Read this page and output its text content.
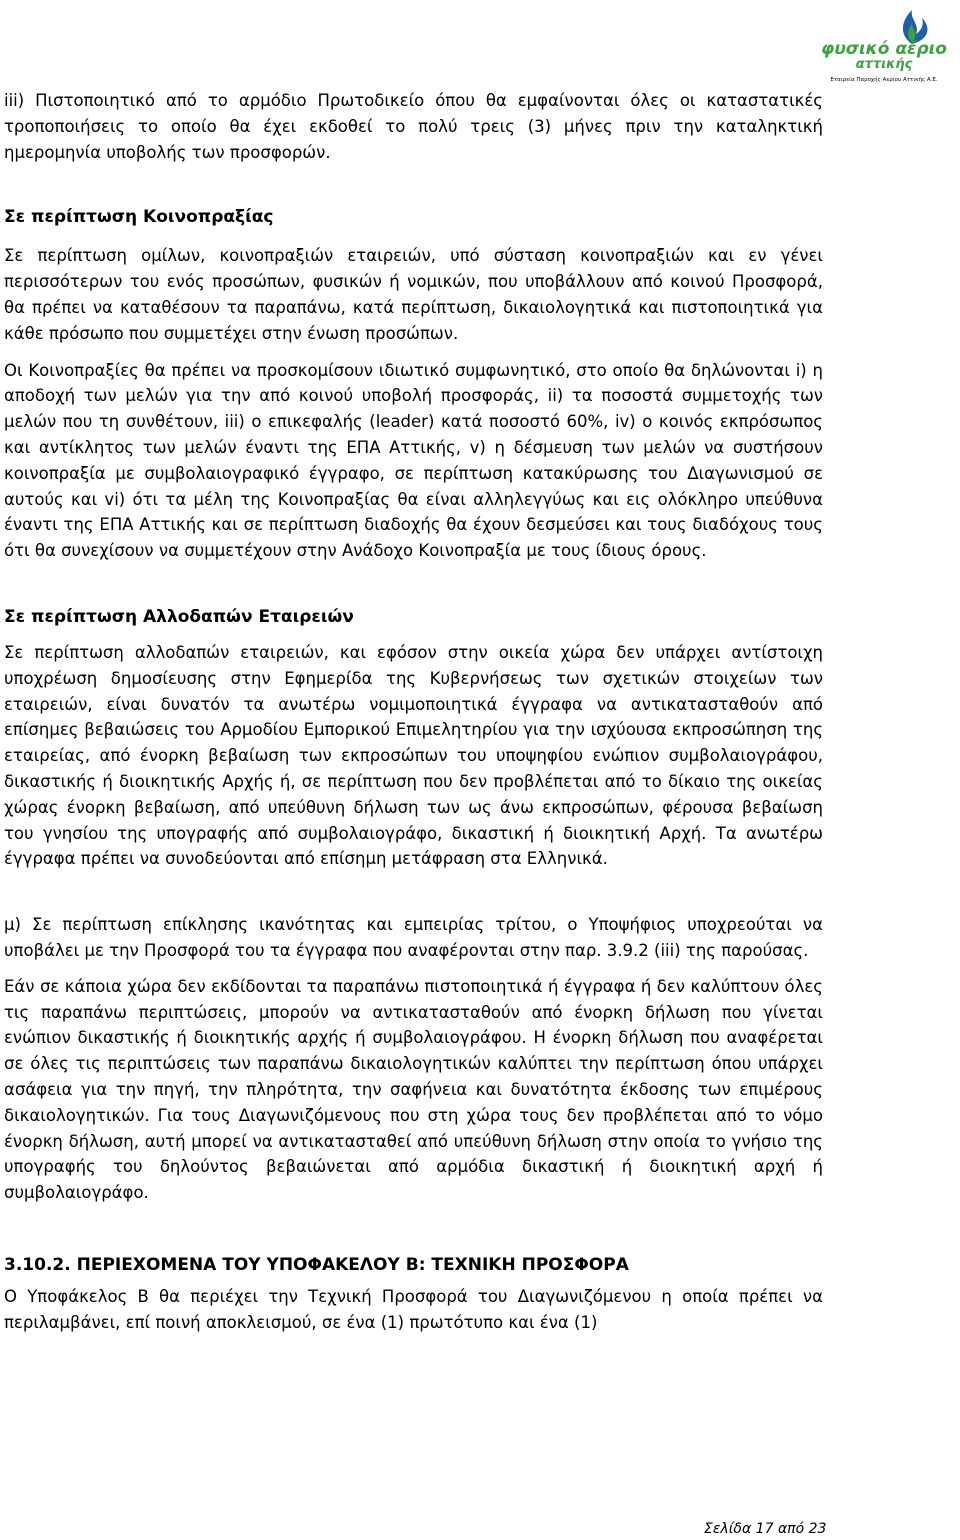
φυσικό αέριο
αττικής
Εταιρεία Παροχής Αερίου Αττικής Α.Ε.

iii) Πιστοποιητικό από το αρμόδιο Πρωτοδικείο όπου θα εμφαίνονται όλες οι καταστατικές τροποποιήσεις το οποίο θα έχει εκδοθεί το πολύ τρεις (3) μήνες πριν την καταληκτική ημερομηνία υποβολής των προσφορών.

Σε περίπτωση Κοινοπραξίας

Σε περίπτωση ομίλων, κοινοπραξιών εταιρειών, υπό σύσταση κοινοπραξιών και εν γένει περισσότερων του ενός προσώπων, φυσικών ή νομικών, που υποβάλλουν από κοινού Προσφορά, θα πρέπει να καταθέσουν τα παραπάνω, κατά περίπτωση, δικαιολογητικά και πιστοποιητικά για κάθε πρόσωπο που συμμετέχει στην ένωση προσώπων.

Οι Κοινοπραξίες θα πρέπει να προσκομίσουν ιδιωτικό συμφωνητικό, στο οποίο θα δηλώνονται i) η αποδοχή των μελών για την από κοινού υποβολή προσφοράς, ii) τα ποσοστά συμμετοχής των μελών που τη συνθέτουν, iii) ο επικεφαλής (leader) κατά ποσοστό 60%, iv) ο κοινός εκπρόσωπος και αντίκλητος των μελών έναντι της ΕΠΑ Αττικής, v) η δέσμευση των μελών να συστήσουν κοινοπραξία με συμβολαιογραφικό έγγραφο, σε περίπτωση κατακύρωσης του Διαγωνισμού σε αυτούς και vi) ότι τα μέλη της Κοινοπραξίας θα είναι αλληλεγγύως και εις ολόκληρο υπεύθυνα έναντι της ΕΠΑ Αττικής και σε περίπτωση διαδοχής θα έχουν δεσμεύσει και τους διαδόχους τους ότι θα συνεχίσουν να συμμετέχουν στην Ανάδοχο Κοινοπραξία με τους ίδιους όρους.

Σε περίπτωση Αλλοδαπών Εταιρειών

Σε περίπτωση αλλοδαπών εταιρειών, και εφόσον στην οικεία χώρα δεν υπάρχει αντίστοιχη υποχρέωση δημοσίευσης στην Εφημερίδα της Κυβερνήσεως των σχετικών στοιχείων των εταιρειών, είναι δυνατόν τα ανωτέρω νομιμοποιητικά έγγραφα να αντικατασταθούν από επίσημες βεβαιώσεις του Αρμοδίου Εμπορικού Επιμελητηρίου για την ισχύουσα εκπροσώπηση της εταιρείας, από ένορκη βεβαίωση των εκπροσώπων του υποψηφίου ενώπιον συμβολαιογράφου, δικαστικής ή διοικητικής Αρχής ή, σε περίπτωση που δεν προβλέπεται από το δίκαιο της οικείας χώρας ένορκη βεβαίωση, από υπεύθυνη δήλωση των ως άνω εκπροσώπων, φέρουσα βεβαίωση του γνησίου της υπογραφής από συμβολαιογράφο, δικαστική ή διοικητική Αρχή. Τα ανωτέρω έγγραφα πρέπει να συνοδεύονται από επίσημη μετάφραση στα Ελληνικά.

μ) Σε περίπτωση επίκλησης ικανότητας και εμπειρίας τρίτου, ο Υποψήφιος υποχρεούται να υποβάλει με την Προσφορά του τα έγγραφα που αναφέρονται στην παρ. 3.9.2 (iii) της παρούσας.

Εάν σε κάποια χώρα δεν εκδίδονται τα παραπάνω πιστοποιητικά ή έγγραφα ή δεν καλύπτουν όλες τις παραπάνω περιπτώσεις, μπορούν να αντικατασταθούν από ένορκη δήλωση που γίνεται ενώπιον δικαστικής ή διοικητικής αρχής ή συμβολαιογράφου. Η ένορκη δήλωση που αναφέρεται σε όλες τις περιπτώσεις των παραπάνω δικαιολογητικών καλύπτει την περίπτωση όπου υπάρχει ασάφεια για την πηγή, την πληρότητα, την σαφήνεια και δυνατότητα έκδοσης των επιμέρους δικαιολογητικών. Για τους Διαγωνιζόμενους που στη χώρα τους δεν προβλέπεται από το νόμο ένορκη δήλωση, αυτή μπορεί να αντικατασταθεί από υπεύθυνη δήλωση στην οποία το γνήσιο της υπογραφής του δηλούντος βεβαιώνεται από αρμόδια δικαστική ή διοικητική αρχή ή συμβολαιογράφο.

3.10.2. ΠΕΡΙΕΧΟΜΕΝΑ ΤΟΥ ΥΠΟΦΑΚΕΛΟΥ Β: ΤΕΧΝΙΚΗ ΠΡΟΣΦΟΡΑ

Ο Υποφάκελος Β θα περιέχει την Τεχνική Προσφορά του Διαγωνιζόμενου η οποία πρέπει να περιλαμβάνει, επί ποινή αποκλεισμού, σε ένα (1) πρωτότυπο και ένα (1)

Σελίδα 17 από 23
